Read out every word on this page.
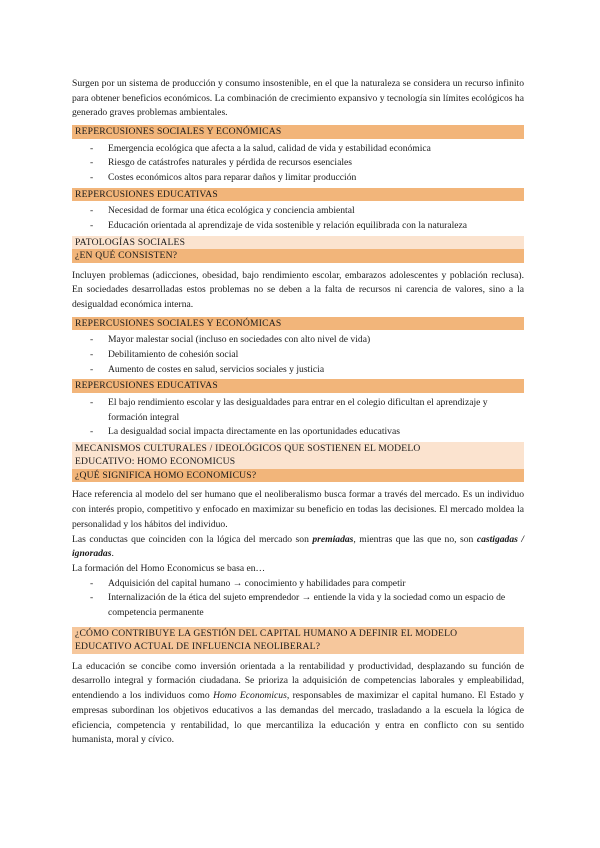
Surgen por un sistema de producción y consumo insostenible, en el que la naturaleza se considera un recurso infinito para obtener beneficios económicos. La combinación de crecimiento expansivo y tecnología sin límites ecológicos ha generado graves problemas ambientales.

REPERCUSIONES SOCIALES Y ECONÓMICAS
- Emergencia ecológica que afecta a la salud, calidad de vida y estabilidad económica
- Riesgo de catástrofes naturales y pérdida de recursos esenciales
- Costes económicos altos para reparar daños y limitar producción
REPERCUSIONES EDUCATIVAS
- Necesidad de formar una ética ecológica y conciencia ambiental
- Educación orientada al aprendizaje de vida sostenible y relación equilibrada con la naturaleza
PATOLOGÍAS SOCIALES
¿EN QUÉ CONSISTEN?

Incluyen problemas (adicciones, obesidad, bajo rendimiento escolar, embarazos adolescentes y población reclusa). En sociedades desarrolladas estos problemas no se deben a la falta de recursos ni carencia de valores, sino a la desigualdad económica interna.

REPERCUSIONES SOCIALES Y ECONÓMICAS
- Mayor malestar social (incluso en sociedades con alto nivel de vida)
- Debilitamiento de cohesión social
- Aumento de costes en salud, servicios sociales y justicia
REPERCUSIONES EDUCATIVAS
- El bajo rendimiento escolar y las desigualdades para entrar en el colegio dificultan el aprendizaje y formación integral
- La desigualdad social impacta directamente en las oportunidades educativas
MECANISMOS CULTURALES / IDEOLÓGICOS QUE SOSTIENEN EL MODELO
EDUCATIVO: HOMO ECONOMICUS
¿QUÉ SIGNIFICA HOMO ECONOMICUS?

Hace referencia al modelo del ser humano que el neoliberalismo busca formar a través del mercado. Es un individuo con interés propio, competitivo y enfocado en maximizar su beneficio en todas las decisiones. El mercado moldea la personalidad y los hábitos del individuo.

Las conductas que coinciden con la lógica del mercado son premiadas, mientras que las que no, son castigadas / ignoradas.

La formación del Homo Economicus se basa en…

- Adquisición del capital humano → conocimiento y habilidades para competir
- Internalización de la ética del sujeto emprendedor → entiende la vida y la sociedad como un espacio de competencia permanente
¿CÓMO CONTRIBUYE LA GESTIÓN DEL CAPITAL HUMANO A DEFINIR EL MODELO
EDUCATIVO ACTUAL DE INFLUENCIA NEOLIBERAL?

La educación se concibe como inversión orientada a la rentabilidad y productividad, desplazando su función de desarrollo integral y formación ciudadana. Se prioriza la adquisición de competencias laborales y empleabilidad, entendiendo a los individuos como Homo Economicus, responsables de maximizar el capital humano. El Estado y empresas subordinan los objetivos educativos a las demandas del mercado, trasladando a la escuela la lógica de eficiencia, competencia y rentabilidad, lo que mercantiliza la educación y entra en conflicto con su sentido humanista, moral y cívico.
